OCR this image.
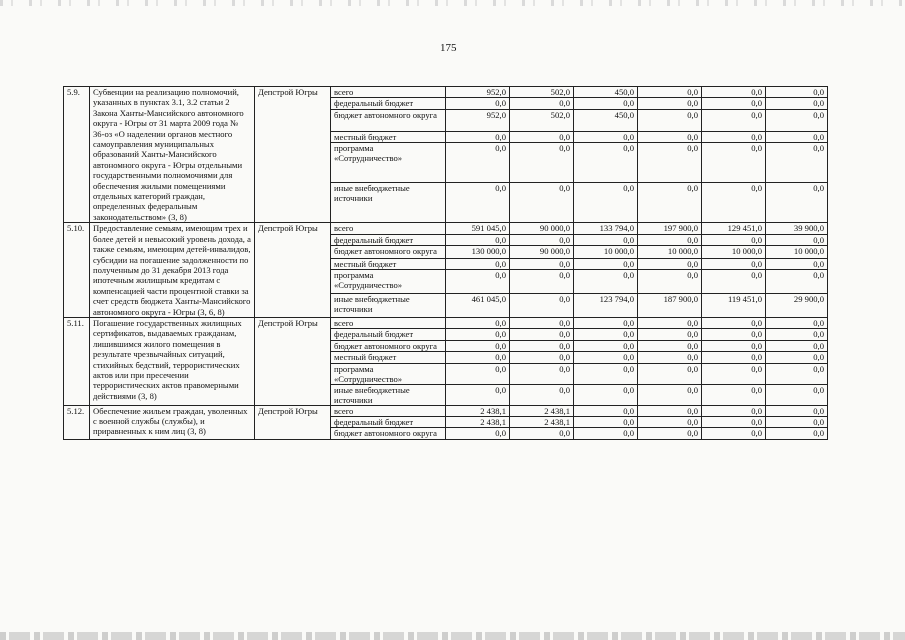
175
5.9.	Субвенции на реализацию полномочий, указанных в пунктах 3.1, 3.2 статьи 2 Закона Ханты-Мансийского автономного округа - Югры от 31 марта 2009 года № 36-оз «О наделении органов местного самоуправления муниципальных образований Ханты-Мансийского автономного округа - Югры отдельными государственными полномочиями для обеспечения жилыми помещениями отдельных категорий граждан, определенных федеральным законодательством» (3, 8)	Депстрой Югры	всего	952,0	502,0	450,0	0,0	0,0	0,0
			федеральный бюджет	0,0	0,0	0,0	0,0	0,0	0,0
			бюджет автономного округа	952,0	502,0	450,0	0,0	0,0	0,0
			местный бюджет	0,0	0,0	0,0	0,0	0,0	0,0
			программа «Сотрудничество»	0,0	0,0	0,0	0,0	0,0	0,0
			иные внебюджетные источники	0,0	0,0	0,0	0,0	0,0	0,0
5.10.	Предоставление семьям, имеющим трех и более детей и невысокий уровень дохода, а также семьям, имеющим детей-инвалидов, субсидии на погашение задолженности по полученным до 31 декабря 2013 года ипотечным жилищным кредитам с компенсацией части процентной ставки за счет средств бюджета Ханты-Мансийского автономного округа - Югры (3, 6, 8)	Депстрой Югры	всего	591 045,0	90 000,0	133 794,0	197 900,0	129 451,0	39 900,0
			федеральный бюджет	0,0	0,0	0,0	0,0	0,0	0,0
			бюджет автономного округа	130 000,0	90 000,0	10 000,0	10 000,0	10 000,0	10 000,0
			местный бюджет	0,0	0,0	0,0	0,0	0,0	0,0
			программа «Сотрудничество»	0,0	0,0	0,0	0,0	0,0	0,0
			иные внебюджетные источники	461 045,0	0,0	123 794,0	187 900,0	119 451,0	29 900,0
5.11.	Погашение государственных жилищных сертификатов, выдаваемых гражданам, лишившимся жилого помещения в результате чрезвычайных ситуаций, стихийных бедствий, террористических актов или при пресечении террористических актов правомерными действиями (3, 8)	Депстрой Югры	всего	0,0	0,0	0,0	0,0	0,0	0,0
			федеральный бюджет	0,0	0,0	0,0	0,0	0,0	0,0
			бюджет автономного округа	0,0	0,0	0,0	0,0	0,0	0,0
			местный бюджет	0,0	0,0	0,0	0,0	0,0	0,0
			программа «Сотрудничество»	0,0	0,0	0,0	0,0	0,0	0,0
			иные внебюджетные источники	0,0	0,0	0,0	0,0	0,0	0,0
5.12.	Обеспечение жильем граждан, уволенных с военной службы (службы), и приравненных к ним лиц (3, 8)	Депстрой Югры	всего	2 438,1	2 438,1	0,0	0,0	0,0	0,0
			федеральный бюджет	2 438,1	2 438,1	0,0	0,0	0,0	0,0
			бюджет автономного округа	0,0	0,0	0,0	0,0	0,0	0,0
